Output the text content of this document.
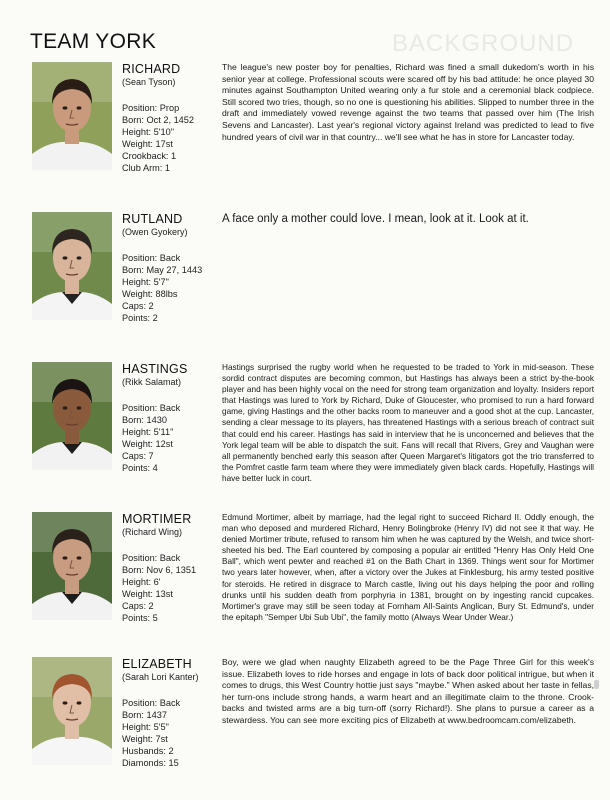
BACKGROUND
TEAM YORK
RICHARD
(Sean Tyson)
Position: Prop
Born: Oct 2, 1452
Height: 5'10"
Weight: 17st
Crookback: 1
Club Arm: 1

The league's new poster boy for penalties, Richard was fined a small dukedom's worth in his senior year at college. Professional scouts were scared off by his bad attitude: he once played 30 minutes against Southampton United wearing only a fur stole and a ceremonial black codpiece. Still scored two tries, though, so no one is questioning his abilities. Slipped to number three in the draft and immediately vowed revenge against the two teams that passed over him (The Irish Sevens and Lancaster). Last year's regional victory against Ireland was predicted to lead to five hundred years of civil war in that country... we'll see what he has in store for Lancaster today.

RUTLAND
(Owen Gyokery)
Position: Back
Born: May 27, 1443
Height: 5'7"
Weight: 88lbs
Caps: 2
Points: 2

A face only a mother could love. I mean, look at it. Look at it.

HASTINGS
(Rikk Salamat)
Position: Back
Born: 1430
Height: 5'11"
Weight: 12st
Caps: 7
Points: 4

Hastings surprised the rugby world when he requested to be traded to York in mid-season. These sordid contract disputes are becoming common, but Hastings has always been a strict by-the-book player and has been highly vocal on the need for strong team organization and loyalty. Insiders report that Hastings was lured to York by Richard, Duke of Gloucester, who promised to run a hard forward game, giving Hastings and the other backs room to maneuver and a good shot at the cup. Lancaster, sending a clear message to its players, has threatened Hastings with a serious breach of contract suit that could end his career. Hastings has said in interview that he is unconcerned and believes that the York legal team will be able to dispatch the suit. Fans will recall that Rivers, Grey and Vaughan were all permanently benched early this season after Queen Margaret's litigators got the trio transferred to the Pomfret castle farm team where they were immediately given black cards. Hopefully, Hastings will have better luck in court.

MORTIMER
(Richard Wing)
Position: Back
Born: Nov 6, 1351
Height: 6'
Weight: 13st
Caps: 2
Points: 5

Edmund Mortimer, albeit by marriage, had the legal right to succeed Richard II. Oddly enough, the man who deposed and murdered Richard, Henry Bolingbroke (Henry IV) did not see it that way. He denied Mortimer tribute, refused to ransom him when he was captured by the Welsh, and twice short-sheeted his bed. The Earl countered by composing a popular air entitled "Henry Has Only Held One Ball", which went pewter and reached #1 on the Bath Chart in 1369. Things went sour for Mortimer two years later however, when, after a victory over the Jukes at Finklesburg, his army tested positive for steroids. He retired in disgrace to March castle, living out his days helping the poor and rolling drunks until his sudden death from porphyria in 1381, brought on by ingesting rancid cupcakes. Mortimer's grave may still be seen today at Fornham All-Saints Anglican, Bury St. Edmund's, under the epitaph "Semper Ubi Sub Ubi", the family motto (Always Wear Under Wear.)

ELIZABETH
(Sarah Lori Kanter)
Position: Back
Born: 1437
Height: 5'5"
Weight: 7st
Husbands: 2
Diamonds: 15

Boy, were we glad when naughty Elizabeth agreed to be the Page Three Girl for this week's issue. Elizabeth loves to ride horses and engage in lots of back door political intrigue, but when it comes to drugs, this West Country hottie just says "maybe." When asked about her taste in fellas, her turn-ons include strong hands, a warm heart and an illegitimate claim to the throne. Crook-backs and twisted arms are a big turn-off (sorry Richard!). She plans to pursue a career as a stewardess. You can see more exciting pics of Elizabeth at www.bedroomcam.com/elizabeth.
